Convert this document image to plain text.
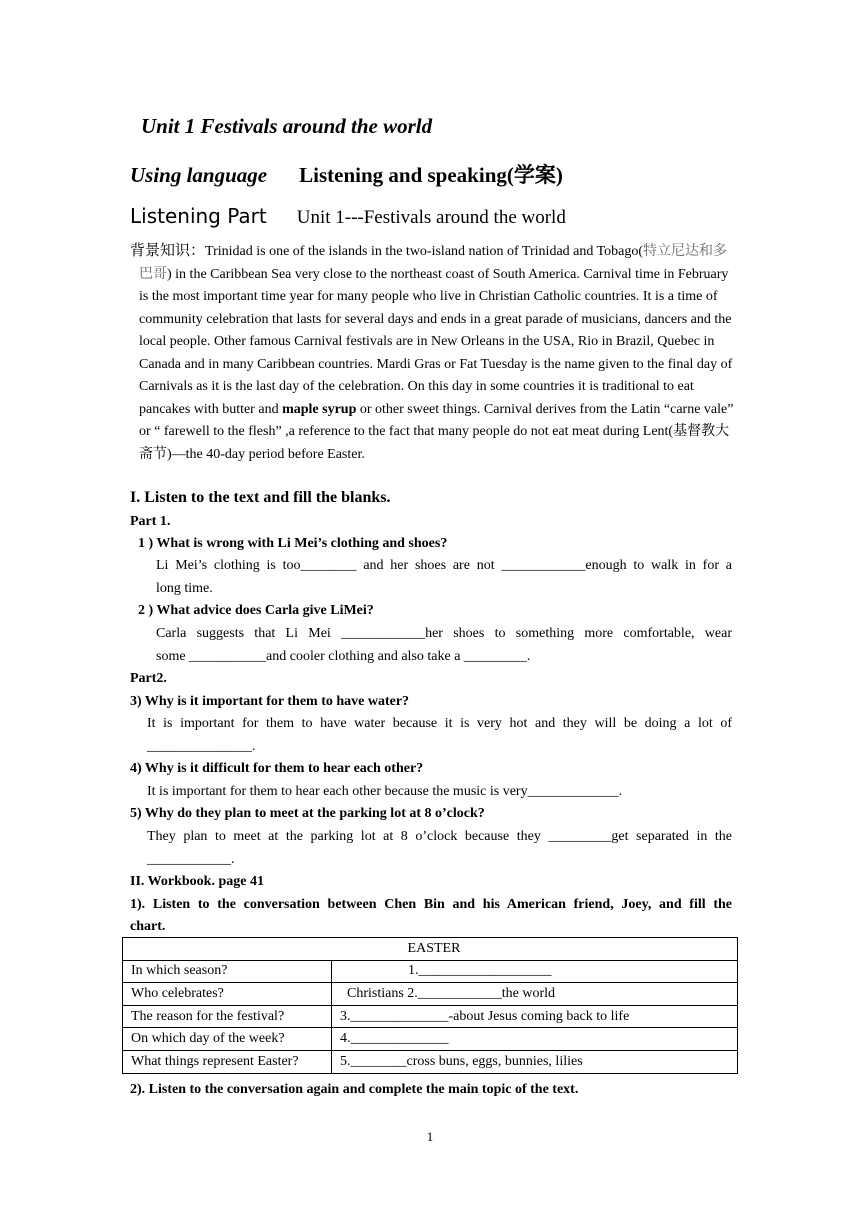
Unit 1 Festivals around the world
Using language Listening and speaking(学案)
Listening Part Unit 1---Festivals around the world

背景知识：Trinidad is one of the islands in the two-island nation of Trinidad and Tobago(特立尼达和多巴哥) in the Caribbean Sea very close to the northeast coast of South America. Carnival time in February is the most important time year for many people who live in Christian Catholic countries. It is a time of community celebration that lasts for several days and ends in a great parade of musicians, dancers and the local people. Other famous Carnival festivals are in New Orleans in the USA, Rio in Brazil, Quebec in Canada and in many Caribbean countries. Mardi Gras or Fat Tuesday is the name given to the final day of Carnivals as it is the last day of the celebration. On this day in some countries it is traditional to eat pancakes with butter and maple syrup or other sweet things. Carnival derives from the Latin “carne vale” or “ farewell to the flesh” ,a reference to the fact that many people do not eat meat during Lent(基督教大斋节)—the 40-day period before Easter.

I. Listen to the text and fill the blanks.
Part 1.
1 ) What is wrong with Li Mei’s clothing and shoes?
Li Mei’s clothing is too________ and her shoes are not ____________enough to walk in for a
long time.
2 ) What advice does Carla give LiMei?
Carla suggests that Li Mei ____________her shoes to something more comfortable, wear
some ___________and cooler clothing and also take a _________.
Part2.
3) Why is it important for them to have water?
It is important for them to have water because it is very hot and they will be doing a lot of
_______________.
4) Why is it difficult for them to hear each other?
It is important for them to hear each other because the music is very_____________.
5) Why do they plan to meet at the parking lot at 8 o’clock?
They plan to meet at the parking lot at 8 o’clock because they _________get separated in the
____________.
II. Workbook. page 41
1). Listen to the conversation between Chen Bin and his American friend, Joey, and fill the
chart.
EASTER	
In which season?	1.___________________
Who celebrates?	Christians 2.____________the world
The reason for the festival?	3.______________-about Jesus coming back to life
On which day of the week?	4.______________
What things represent Easter?	5.________cross buns, eggs, bunnies, lilies
2). Listen to the conversation again and complete the main topic of the text.
1
